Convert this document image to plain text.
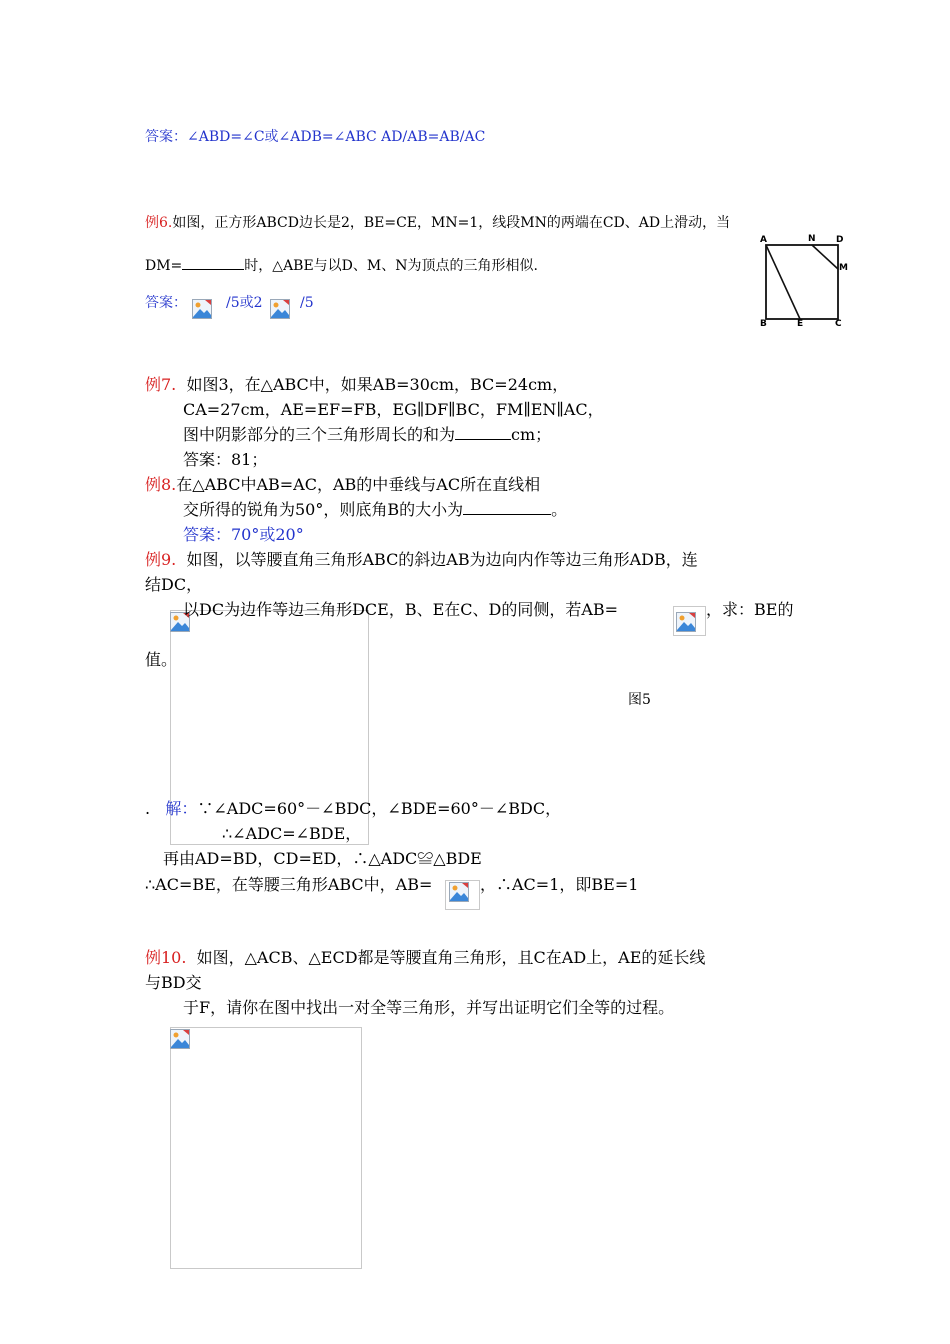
答案：∠ABD=∠C或∠ADB=∠ABC AD/AB=AB/AC
例6.如图，正方形ABCD边长是2，BE=CE，MN=1，线段MN的两端在CD、AD上滑动，当
DM=	时，△ABE与以D、M、N为顶点的三角形相似.
答案：	/5或2	/5
A	N D
M
B	E	C
例7. 如图3，在△ABC中，如果AB=30cm，BC=24cm，
CA=27cm，AE=EF=FB，EG∥DF∥BC，FM∥EN∥AC，
图中阴影部分的三个三角形周长的和为	cm；
答案：81；
例8.在△ABC中AB=AC，AB的中垂线与AC所在直线相
交所得的锐角为50°，则底角B的大小为	。
答案：70°或20°
例9. 如图，以等腰直角三角形ABC的斜边AB为边向内作等边三角形ADB，连
结DC，
以DC为边作等边三角形DCE，B、E在C、D的同侧，若AB=	，求：BE的
值。
图5
. 解：∵∠ADC=60°－∠BDC，∠BDE=60°－∠BDC，
∴∠ADC=∠BDE，
再由AD=BD，CD=ED，∴△ADC≌△BDE
∴AC=BE，在等腰三角形ABC中，AB=	，∴AC=1，即BE=1
例10. 如图，△ACB、△ECD都是等腰直角三角形，且C在AD上，AE的延长线
与BD交
于F，请你在图中找出一对全等三角形，并写出证明它们全等的过程。
